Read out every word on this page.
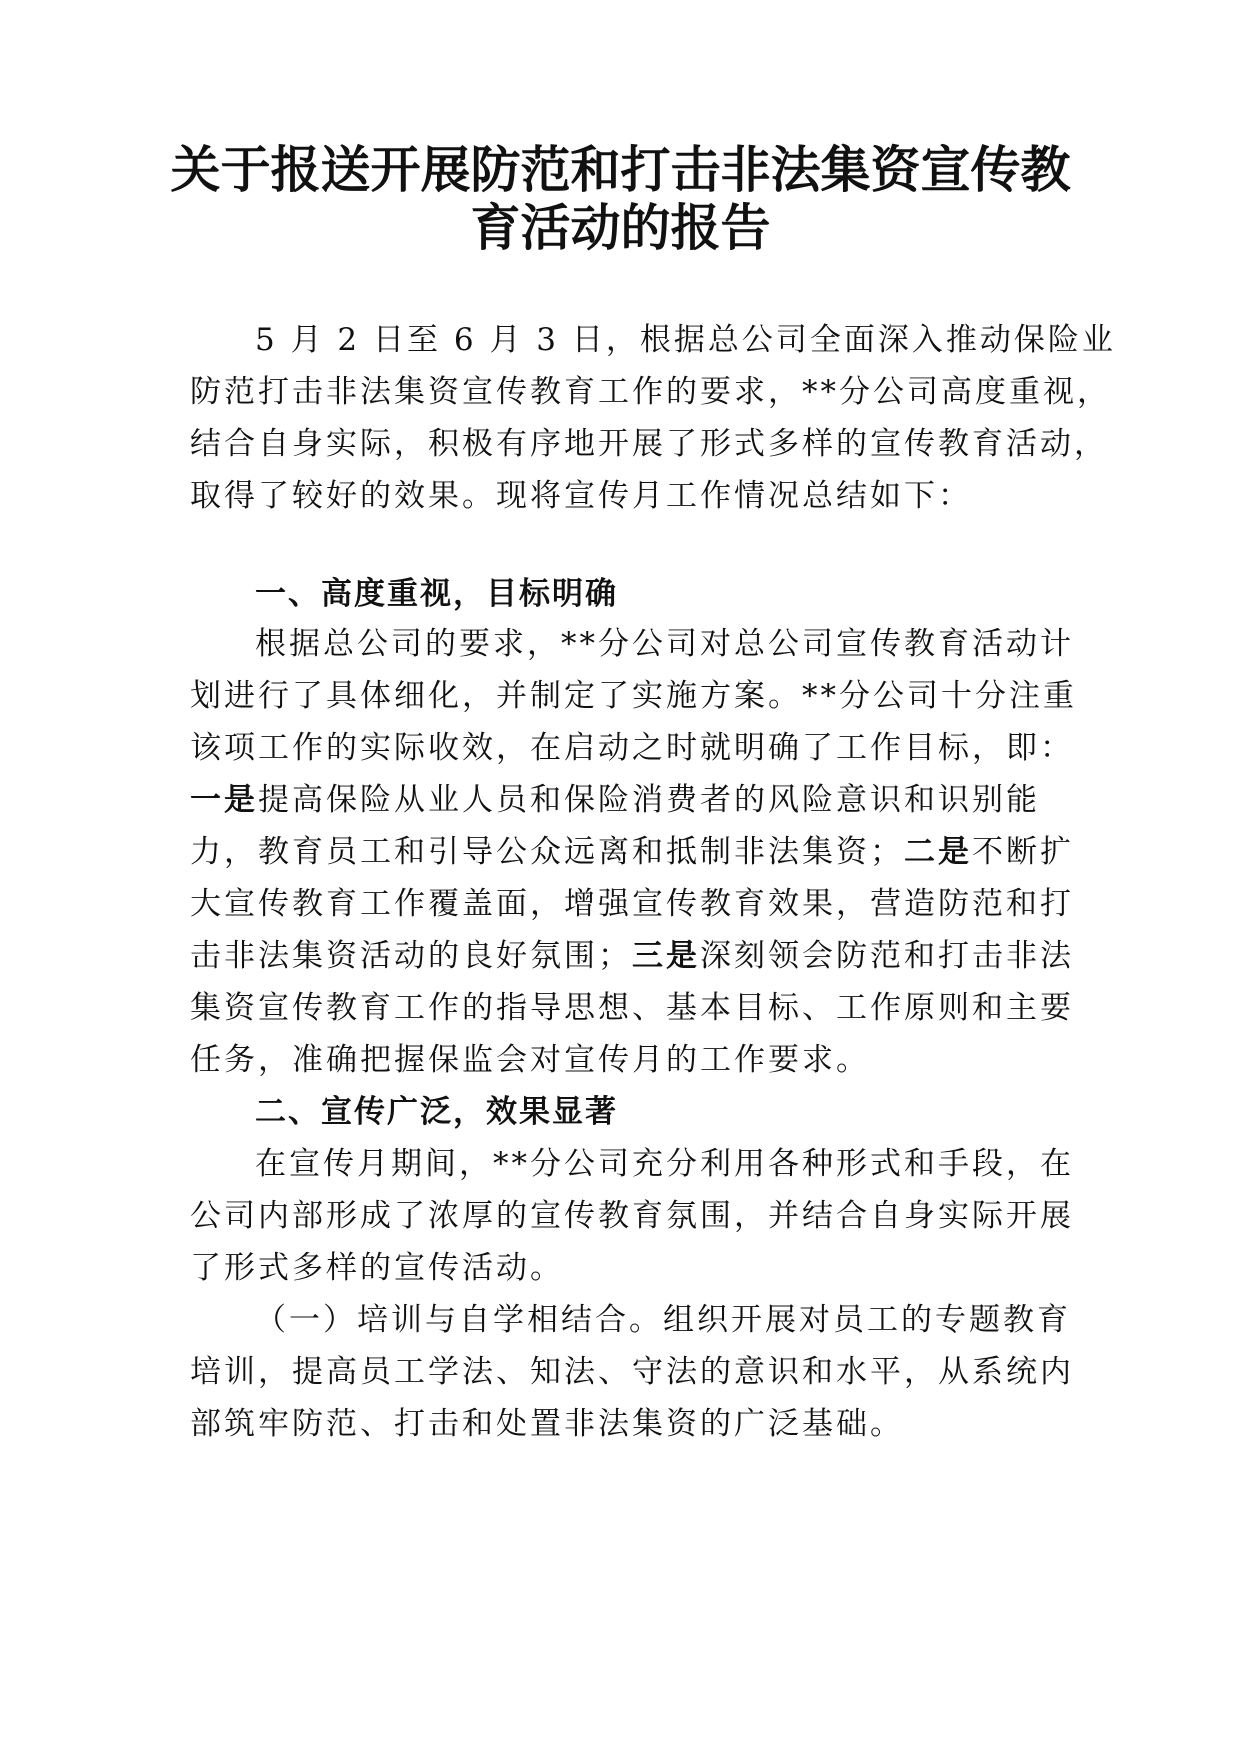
关于报送开展防范和打击非法集资宣传教
育活动的报告

5 月 2 日至 6 月 3 日，根据总公司全面深入推动保险业

防范打击非法集资宣传教育工作的要求，**分公司高度重视，

结合自身实际，积极有序地开展了形式多样的宣传教育活动，

取得了较好的效果。现将宣传月工作情况总结如下：

一、高度重视，目标明确

根据总公司的要求，**分公司对总公司宣传教育活动计

划进行了具体细化，并制定了实施方案。**分公司十分注重

该项工作的实际收效，在启动之时就明确了工作目标，即：

一是提高保险从业人员和保险消费者的风险意识和识别能

力，教育员工和引导公众远离和抵制非法集资；二是不断扩

大宣传教育工作覆盖面，增强宣传教育效果，营造防范和打

击非法集资活动的良好氛围；三是深刻领会防范和打击非法

集资宣传教育工作的指导思想、基本目标、工作原则和主要

任务，准确把握保监会对宣传月的工作要求。

二、宣传广泛，效果显著

在宣传月期间，**分公司充分利用各种形式和手段，在

公司内部形成了浓厚的宣传教育氛围，并结合自身实际开展

了形式多样的宣传活动。

（一）培训与自学相结合。组织开展对员工的专题教育

培训，提高员工学法、知法、守法的意识和水平，从系统内

部筑牢防范、打击和处置非法集资的广泛基础。
